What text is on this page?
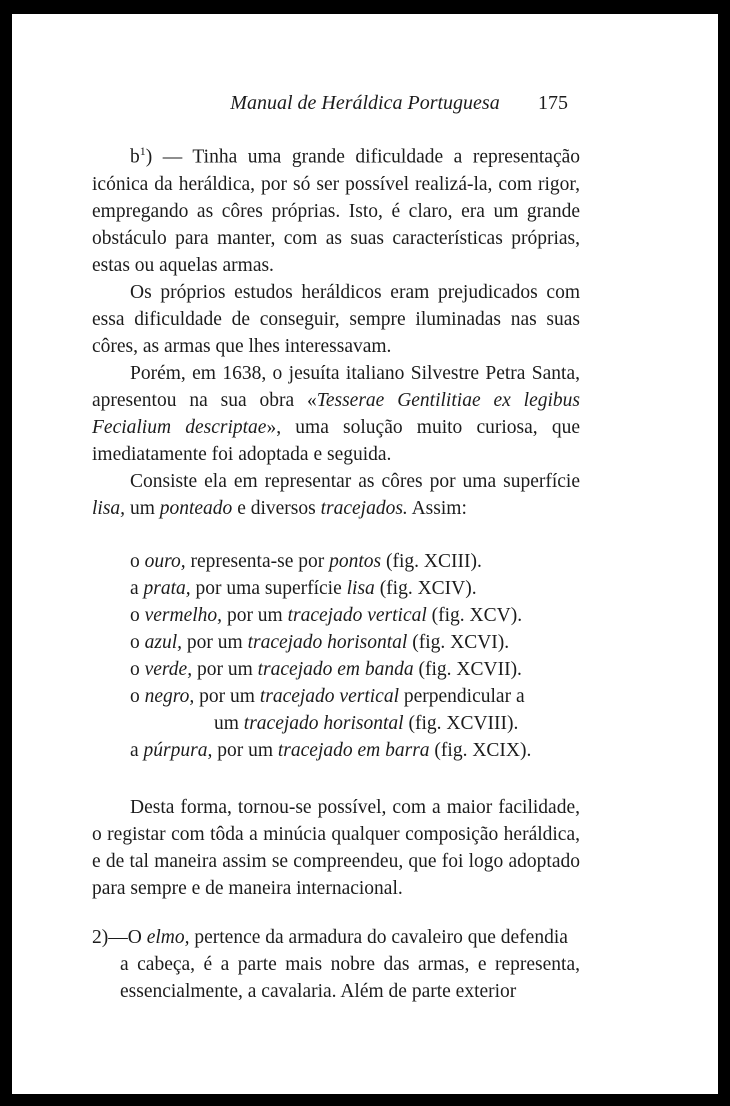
Manual de Heráldica Portuguesa	175

$b^1$) — Tinha uma grande dificuldade a representação icónica da heráldica, por só ser possível realizá-la, com rigor, empregando as côres próprias. Isto, é claro, era um grande obstáculo para manter, com as suas características próprias, estas ou aquelas armas.

Os próprios estudos heráldicos eram prejudicados com essa dificuldade de conseguir, sempre iluminadas nas suas côres, as armas que lhes interessavam.

Porém, em 1638, o jesuíta italiano Silvestre Petra Santa, apresentou na sua obra «Tesserae Gentilitiae ex legibus Fecialium descriptae», uma solução muito curiosa, que imediatamente foi adoptada e seguida.

Consiste ela em representar as côres por uma superfície lisa, um ponteado e diversos tracejados. Assim:

o ouro, representa-se por pontos (fig. XCIII).
a prata, por uma superfície lisa (fig. XCIV).
o vermelho, por um tracejado vertical (fig. XCV).
o azul, por um tracejado horisontal (fig. XCVI).
o verde, por um tracejado em banda (fig. XCVII).
o negro, por um tracejado vertical perpendicular a
um tracejado horisontal (fig. XCVIII).
a púrpura, por um tracejado em barra (fig. XCIX).

Desta forma, tornou-se possível, com a maior facilidade, o registar com tôda a minúcia qualquer composição heráldica, e de tal maneira assim se compreendeu, que foi logo adoptado para sempre e de maneira internacional.

2)—O elmo, pertence da armadura do cavaleiro que defendia
a cabeça, é a parte mais nobre das armas, e representa, essencialmente, a cavalaria. Além de parte exterior
